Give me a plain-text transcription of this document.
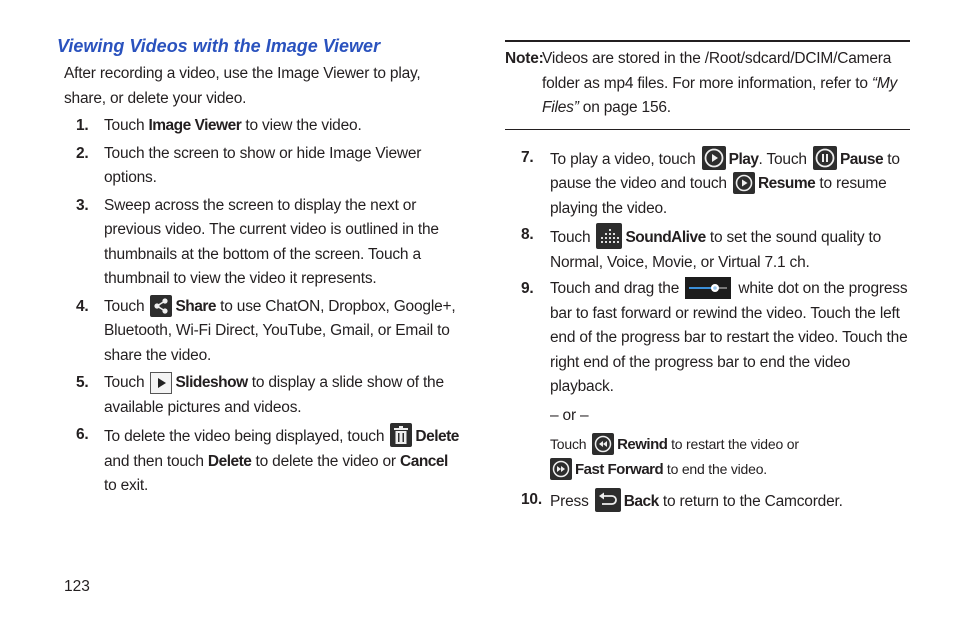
Viewing Videos with the Image Viewer

After recording a video, use the Image Viewer to play, share, or delete your video.

1. Touch Image Viewer to view the video.
2. Touch the screen to show or hide Image Viewer options.
3. Sweep across the screen to display the next or previous video. The current video is outlined in the thumbnails at the bottom of the screen. Touch a thumbnail to view the video it represents.
4. Touch Share to use ChatON, Dropbox, Google+, Bluetooth, Wi-Fi Direct, YouTube, Gmail, or Email to share the video.
5. Touch Slideshow to display a slide show of the available pictures and videos.
6. To delete the video being displayed, touch Delete and then touch Delete to delete the video or Cancel to exit.
Note:
Videos are stored in the /Root/sdcard/DCIM/Camera folder as mp4 files. For more information, refer to “My Files” on page 156.
7. To play a video, touch Play. Touch Pause to pause the video and touch Resume to resume playing the video.
8. Touch SoundAlive to set the sound quality to Normal, Voice, Movie, or Virtual 7.1 ch.
9. Touch and drag the	white dot on the progress bar to fast forward or rewind the video. Touch the left end of the progress bar to restart the video. Touch the right end of the progress bar to end the video playback.

– or –

Touch Rewind to restart the video or
Fast Forward to end the video.

10. Press Back to return to the Camcorder.
123
